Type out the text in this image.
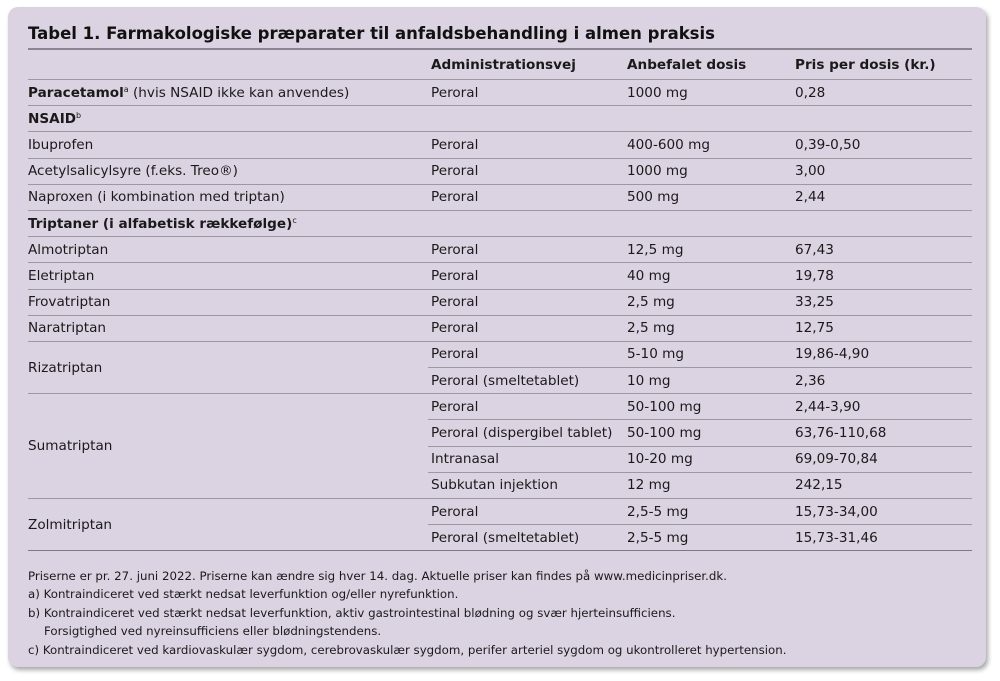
Tabel 1. Farmakologiske præparater til anfaldsbehandling i almen praksis
	Administrationsvej	Anbefalet dosis	Pris per dosis (kr.)
Paracetamol$^a$ (hvis NSAID ikke kan anvendes)	Peroral	1000 mg	0,28
NSAID$^b$
Ibuprofen	Peroral	400-600 mg	0,39-0,50
Acetylsalicylsyre (f.eks. Treo®)	Peroral	1000 mg	3,00
Naproxen (i kombination med triptan)	Peroral	500 mg	2,44
Triptaner (i alfabetisk rækkefølge)$^c$
Almotriptan	Peroral	12,5 mg	67,43
Eletriptan	Peroral	40 mg	19,78
Frovatriptan	Peroral	2,5 mg	33,25
Naratriptan	Peroral	2,5 mg	12,75
Rizatriptan	Peroral	5-10 mg	19,86-4,90
	Peroral (smeltetablet)	10 mg	2,36
Sumatriptan	Peroral	50-100 mg	2,44-3,90
	Peroral (dispergibel tablet)	50-100 mg	63,76-110,68
	Intranasal	10-20 mg	69,09-70,84
	Subkutan injektion	12 mg	242,15
Zolmitriptan	Peroral	2,5-5 mg	15,73-34,00
	Peroral (smeltetablet)	2,5-5 mg	15,73-31,46
Priserne er pr. 27. juni 2022. Priserne kan ændre sig hver 14. dag. Aktuelle priser kan findes på www.medicinpriser.dk.
a) Kontraindiceret ved stærkt nedsat leverfunktion og/eller nyrefunktion.
b) Kontraindiceret ved stærkt nedsat leverfunktion, aktiv gastrointestinal blødning og svær hjerteinsufficiens.
Forsigtighed ved nyreinsufficiens eller blødningstendens.
c) Kontraindiceret ved kardiovaskulær sygdom, cerebrovaskulær sygdom, perifer arteriel sygdom og ukontrolleret hypertension.
